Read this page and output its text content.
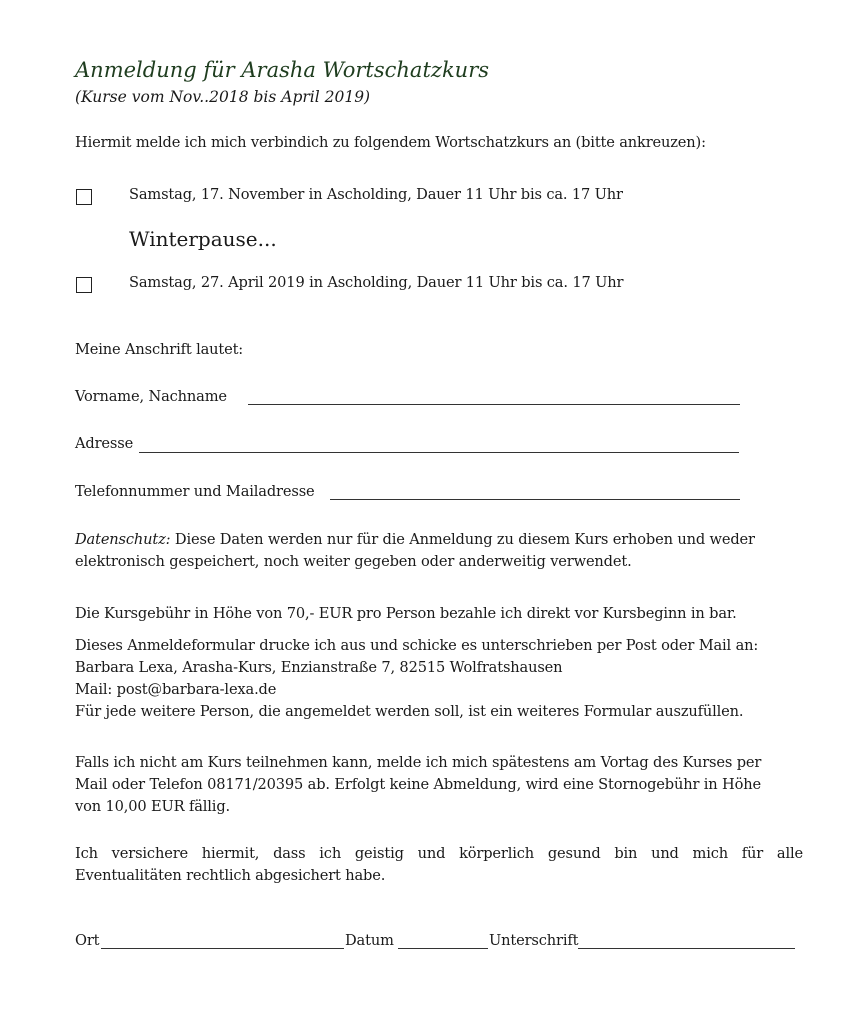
Anmeldung für Arasha Wortschatzkurs
(Kurse vom Nov..2018 bis April 2019)
Hiermit melde ich mich verbindich zu folgendem Wortschatzkurs an (bitte ankreuzen):
Samstag, 17. November in Ascholding, Dauer 11 Uhr bis ca. 17 Uhr
Winterpause...
Samstag, 27. April 2019 in Ascholding, Dauer 11 Uhr bis ca. 17 Uhr
Meine Anschrift lautet:
Vorname, Nachname
Adresse
Telefonnummer und Mailadresse
Datenschutz: Diese Daten werden nur für die Anmeldung zu diesem Kurs erhoben und weder
elektronisch gespeichert, noch weiter gegeben oder anderweitig verwendet.
Die Kursgebühr in Höhe von 70,- EUR pro Person bezahle ich direkt vor Kursbeginn in bar.
Dieses Anmeldeformular drucke ich aus und schicke es unterschrieben per Post oder Mail an:
Barbara Lexa, Arasha-Kurs, Enzianstraße 7, 82515 Wolfratshausen
Mail: post@barbara-lexa.de
Für jede weitere Person, die angemeldet werden soll, ist ein weiteres Formular auszufüllen.
Falls ich nicht am Kurs teilnehmen kann, melde ich mich spätestens am Vortag des Kurses per
Mail oder Telefon 08171/20395 ab. Erfolgt keine Abmeldung, wird eine Stornogebühr in Höhe
von 10,00 EUR fällig.
Ich versichere hiermit, dass ich geistig und körperlich gesund bin und mich für alle
Eventualitäten rechtlich abgesichert habe.
Ort	Datum	Unterschrift
